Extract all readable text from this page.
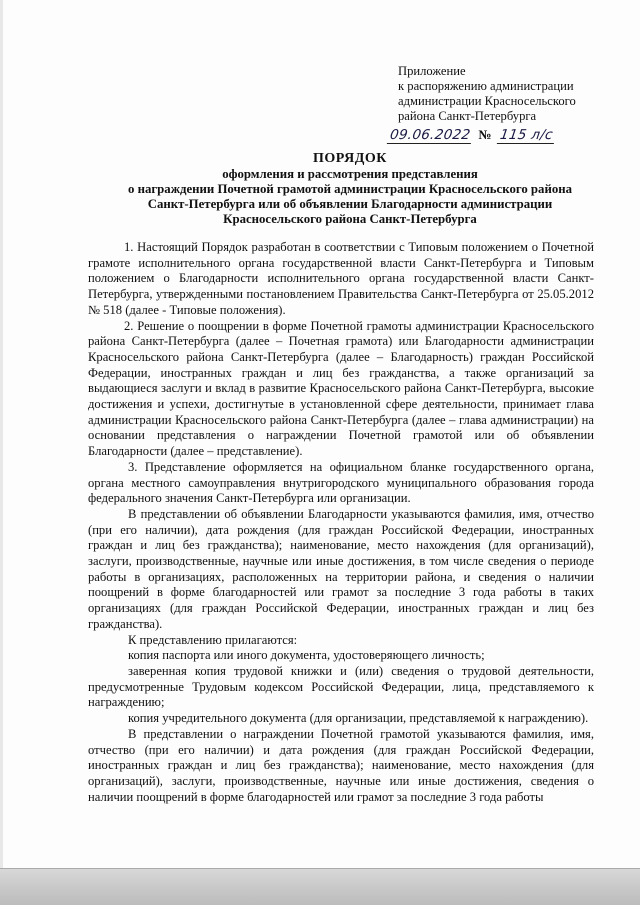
Приложение
к распоряжению администрации
администрации Красносельского
района Санкт-Петербурга
09.06.2022 № 115 л/с
ПОРЯДОК
оформления и рассмотрения представления
о награждении Почетной грамотой администрации Красносельского района
Санкт-Петербурга или об объявлении Благодарности администрации
Красносельского района Санкт-Петербурга

1. Настоящий Порядок разработан в соответствии с Типовым положением о Почетной грамоте исполнительного органа государственной власти Санкт-Петербурга и Типовым положением о Благодарности исполнительного органа государственной власти Санкт-Петербурга, утвержденными постановлением Правительства Санкт-Петербурга от 25.05.2012 № 518 (далее - Типовые положения).

2. Решение о поощрении в форме Почетной грамоты администрации Красносельского района Санкт-Петербурга (далее – Почетная грамота) или Благодарности администрации Красносельского района Санкт-Петербурга (далее – Благодарность) граждан Российской Федерации, иностранных граждан и лиц без гражданства, а также организаций за выдающиеся заслуги и вклад в развитие Красносельского района Санкт-Петербурга, высокие достижения и успехи, достигнутые в установленной сфере деятельности, принимает глава администрации Красносельского района Санкт-Петербурга (далее – глава администрации) на основании представления о награждении Почетной грамотой или об объявлении Благодарности (далее – представление).

3. Представление оформляется на официальном бланке государственного органа, органа местного самоуправления внутригородского муниципального образования города федерального значения Санкт-Петербурга или организации.

В представлении об объявлении Благодарности указываются фамилия, имя, отчество (при его наличии), дата рождения (для граждан Российской Федерации, иностранных граждан и лиц без гражданства); наименование, место нахождения (для организаций), заслуги, производственные, научные или иные достижения, в том числе сведения о периоде работы в организациях, расположенных на территории района, и сведения о наличии поощрений в форме благодарностей или грамот за последние 3 года работы в таких организациях (для граждан Российской Федерации, иностранных граждан и лиц без гражданства).

К представлению прилагаются:

копия паспорта или иного документа, удостоверяющего личность;

заверенная копия трудовой книжки и (или) сведения о трудовой деятельности, предусмотренные Трудовым кодексом Российской Федерации, лица, представляемого к награждению;

копия учредительного документа (для организации, представляемой к награждению).

В представлении о награждении Почетной грамотой указываются фамилия, имя, отчество (при его наличии) и дата рождения (для граждан Российской Федерации, иностранных граждан и лиц без гражданства); наименование, место нахождения (для организаций), заслуги, производственные, научные или иные достижения, сведения о наличии поощрений в форме благодарностей или грамот за последние 3 года работы
